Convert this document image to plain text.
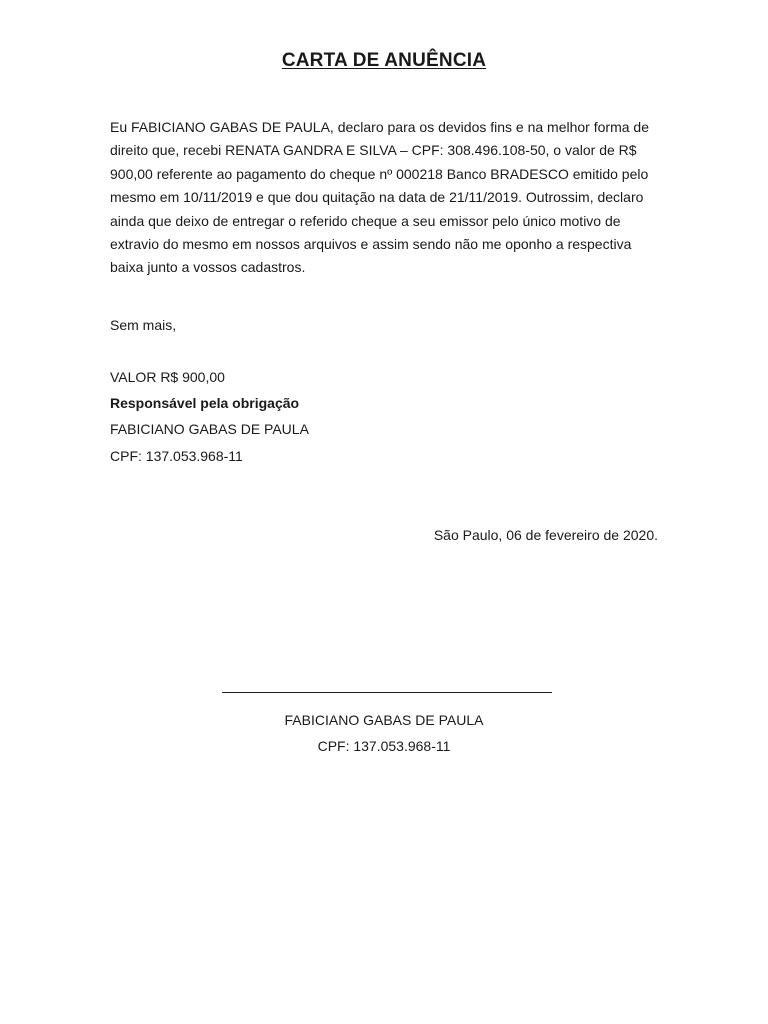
CARTA DE ANUÊNCIA
Eu FABICIANO GABAS DE PAULA, declaro para os devidos fins e na melhor forma de
direito que, recebi RENATA GANDRA E SILVA – CPF: 308.496.108-50, o valor de R$
900,00 referente ao pagamento do cheque nº 000218 Banco BRADESCO emitido pelo
mesmo em 10/11/2019 e que dou quitação na data de 21/11/2019. Outrossim, declaro
ainda que deixo de entregar o referido cheque a seu emissor pelo único motivo de
extravio do mesmo em nossos arquivos e assim sendo não me oponho a respectiva
baixa junto a vossos cadastros.
Sem mais,
VALOR R$ 900,00
Responsável pela obrigação
FABICIANO GABAS DE PAULA
CPF: 137.053.968-11
São Paulo, 06 de fevereiro de 2020.
FABICIANO GABAS DE PAULA
CPF: 137.053.968-11
